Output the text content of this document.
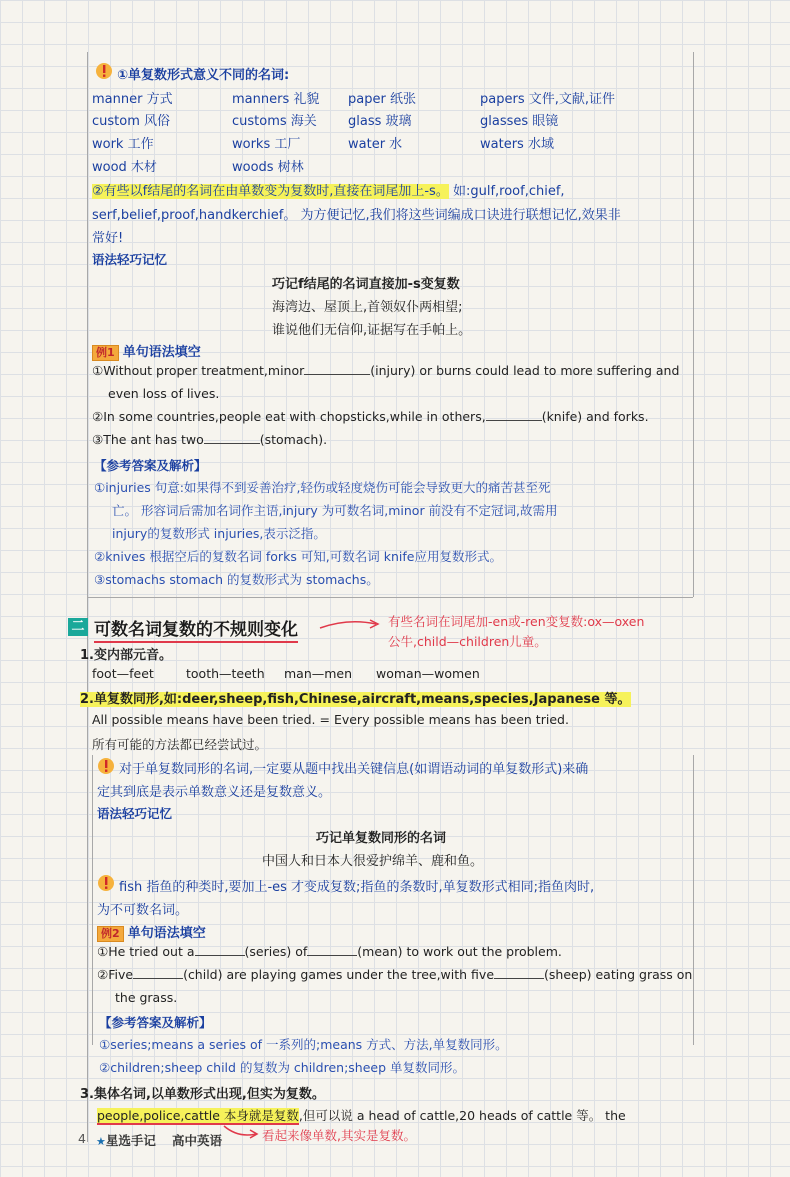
①单复数形式意义不同的名词:
manner 方式	manners 礼貌 paper 纸张	papers 文件,文献,证件
custom 风俗	customs 海关 glass 玻璃	glasses 眼镜
work 工作	works 工厂	water 水	waters 水域
wood 木材	woods 树林
②有些以f结尾的名词在由单数变为复数时,直接在词尾加上-s。 如:gulf,roof,chief,
serf,belief,proof,handkerchief。 为方便记忆,我们将这些词编成口诀进行联想记忆,效果非
常好!
语法轻巧记忆
巧记f结尾的名词直接加-s变复数
海湾边、屋顶上,首领奴仆两相望;
谁说他们无信仰,证据写在手帕上。
例1 单句语法填空
①Without proper treatment,minor	(injury) or burns could lead to more suffering and
even loss of lives.
②In some countries,people eat with chopsticks,while in others,	(knife) and forks.
③The ant has two	(stomach).
【参考答案及解析】
①injuries 句意:如果得不到妥善治疗,轻伤或轻度烧伤可能会导致更大的痛苦甚至死
亡。 形容词后需加名词作主语,injury 为可数名词,minor 前没有不定冠词,故需用
injury的复数形式 injuries,表示泛指。
②knives 根据空后的复数名词 forks 可知,可数名词 knife应用复数形式。
③stomachs stomach 的复数形式为 stomachs。
二 可数名词复数的不规则变化	有些名词在词尾加-en或-ren变复数:ox—oxen
公牛,child—children儿童。
1.变内部元音。
foot—feet	tooth—teeth man—men woman—women
2.单复数同形,如:deer,sheep,fish,Chinese,aircraft,means,species,Japanese 等。
All possible means have been tried. = Every possible means has been tried.
所有可能的方法都已经尝试过。
对于单复数同形的名词,一定要从题中找出关键信息(如谓语动词的单复数形式)来确
定其到底是表示单数意义还是复数意义。
语法轻巧记忆
巧记单复数同形的名词
中国人和日本人很爱护绵羊、鹿和鱼。
fish 指鱼的种类时,要加上-es 才变成复数;指鱼的条数时,单复数形式相同;指鱼肉时,
为不可数名词。
例2 单句语法填空
①He tried out a	(series) of	(mean) to work out the problem.
②Five	(child) are playing games under the tree,with five	(sheep) eating grass on
the grass.
【参考答案及解析】
①series;means a series of 一系列的;means 方式、方法,单复数同形。
②children;sheep child 的复数为 children;sheep 单复数同形。
3.集体名词,以单数形式出现,但实为复数。
people,police,cattle 本身就是复数,但可以说 a head of cattle,20 heads of cattle 等。 the
看起来像单数,其实是复数。
4 ★星选手记 高中英语
